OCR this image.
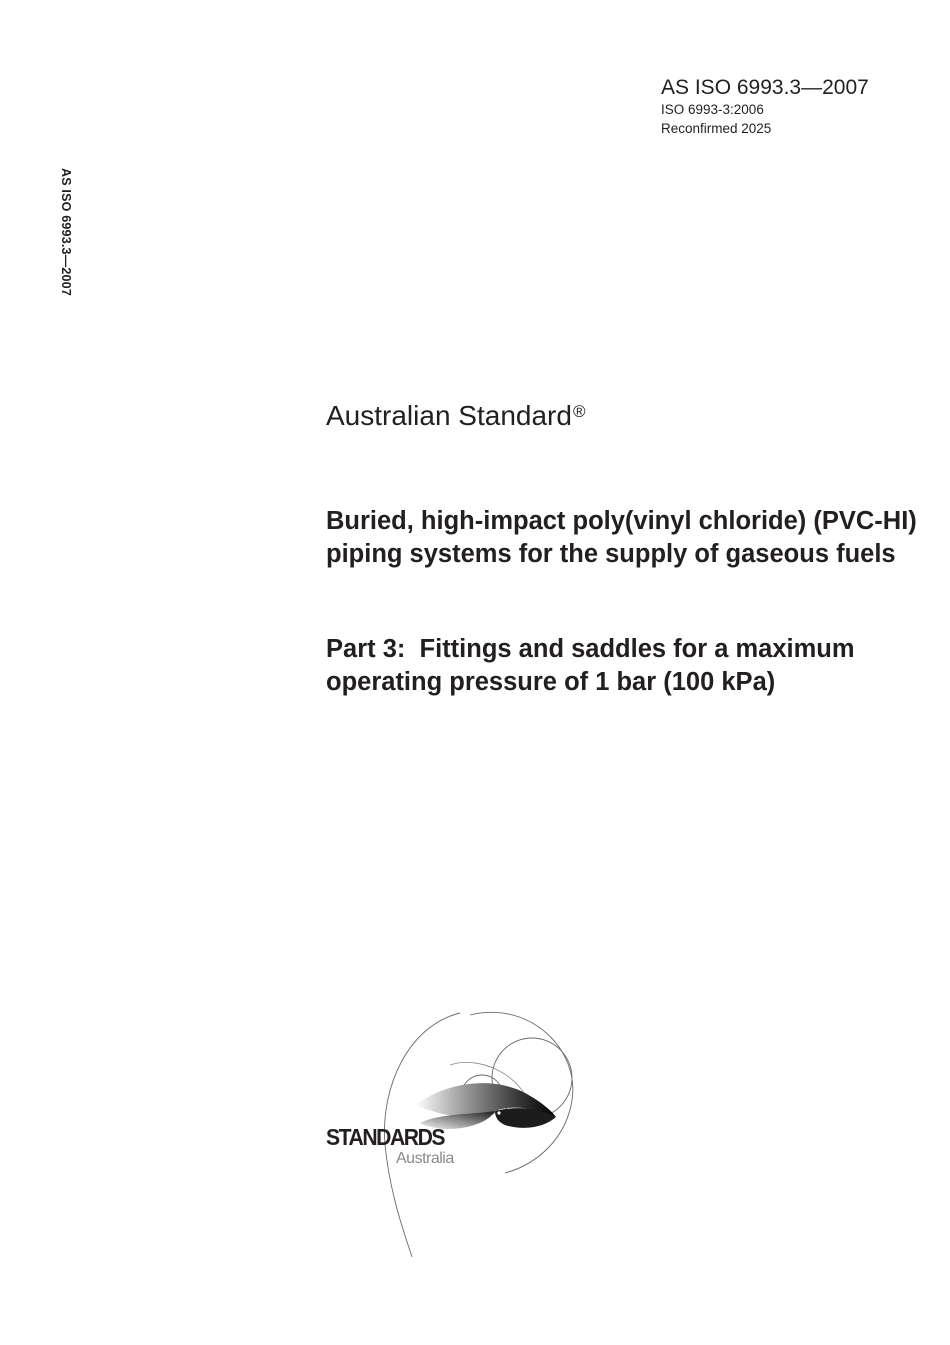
AS ISO 6993.3—2007
AS ISO 6993.3—2007
ISO 6993-3:2006
Reconfirmed 2025
Australian Standard®
Buried, high-impact poly(vinyl chloride) (PVC-HI) piping systems for the supply of gaseous fuels
Part 3:  Fittings and saddles for a maximum operating pressure of 1 bar (100 kPa)
STANDARDS
Australia
